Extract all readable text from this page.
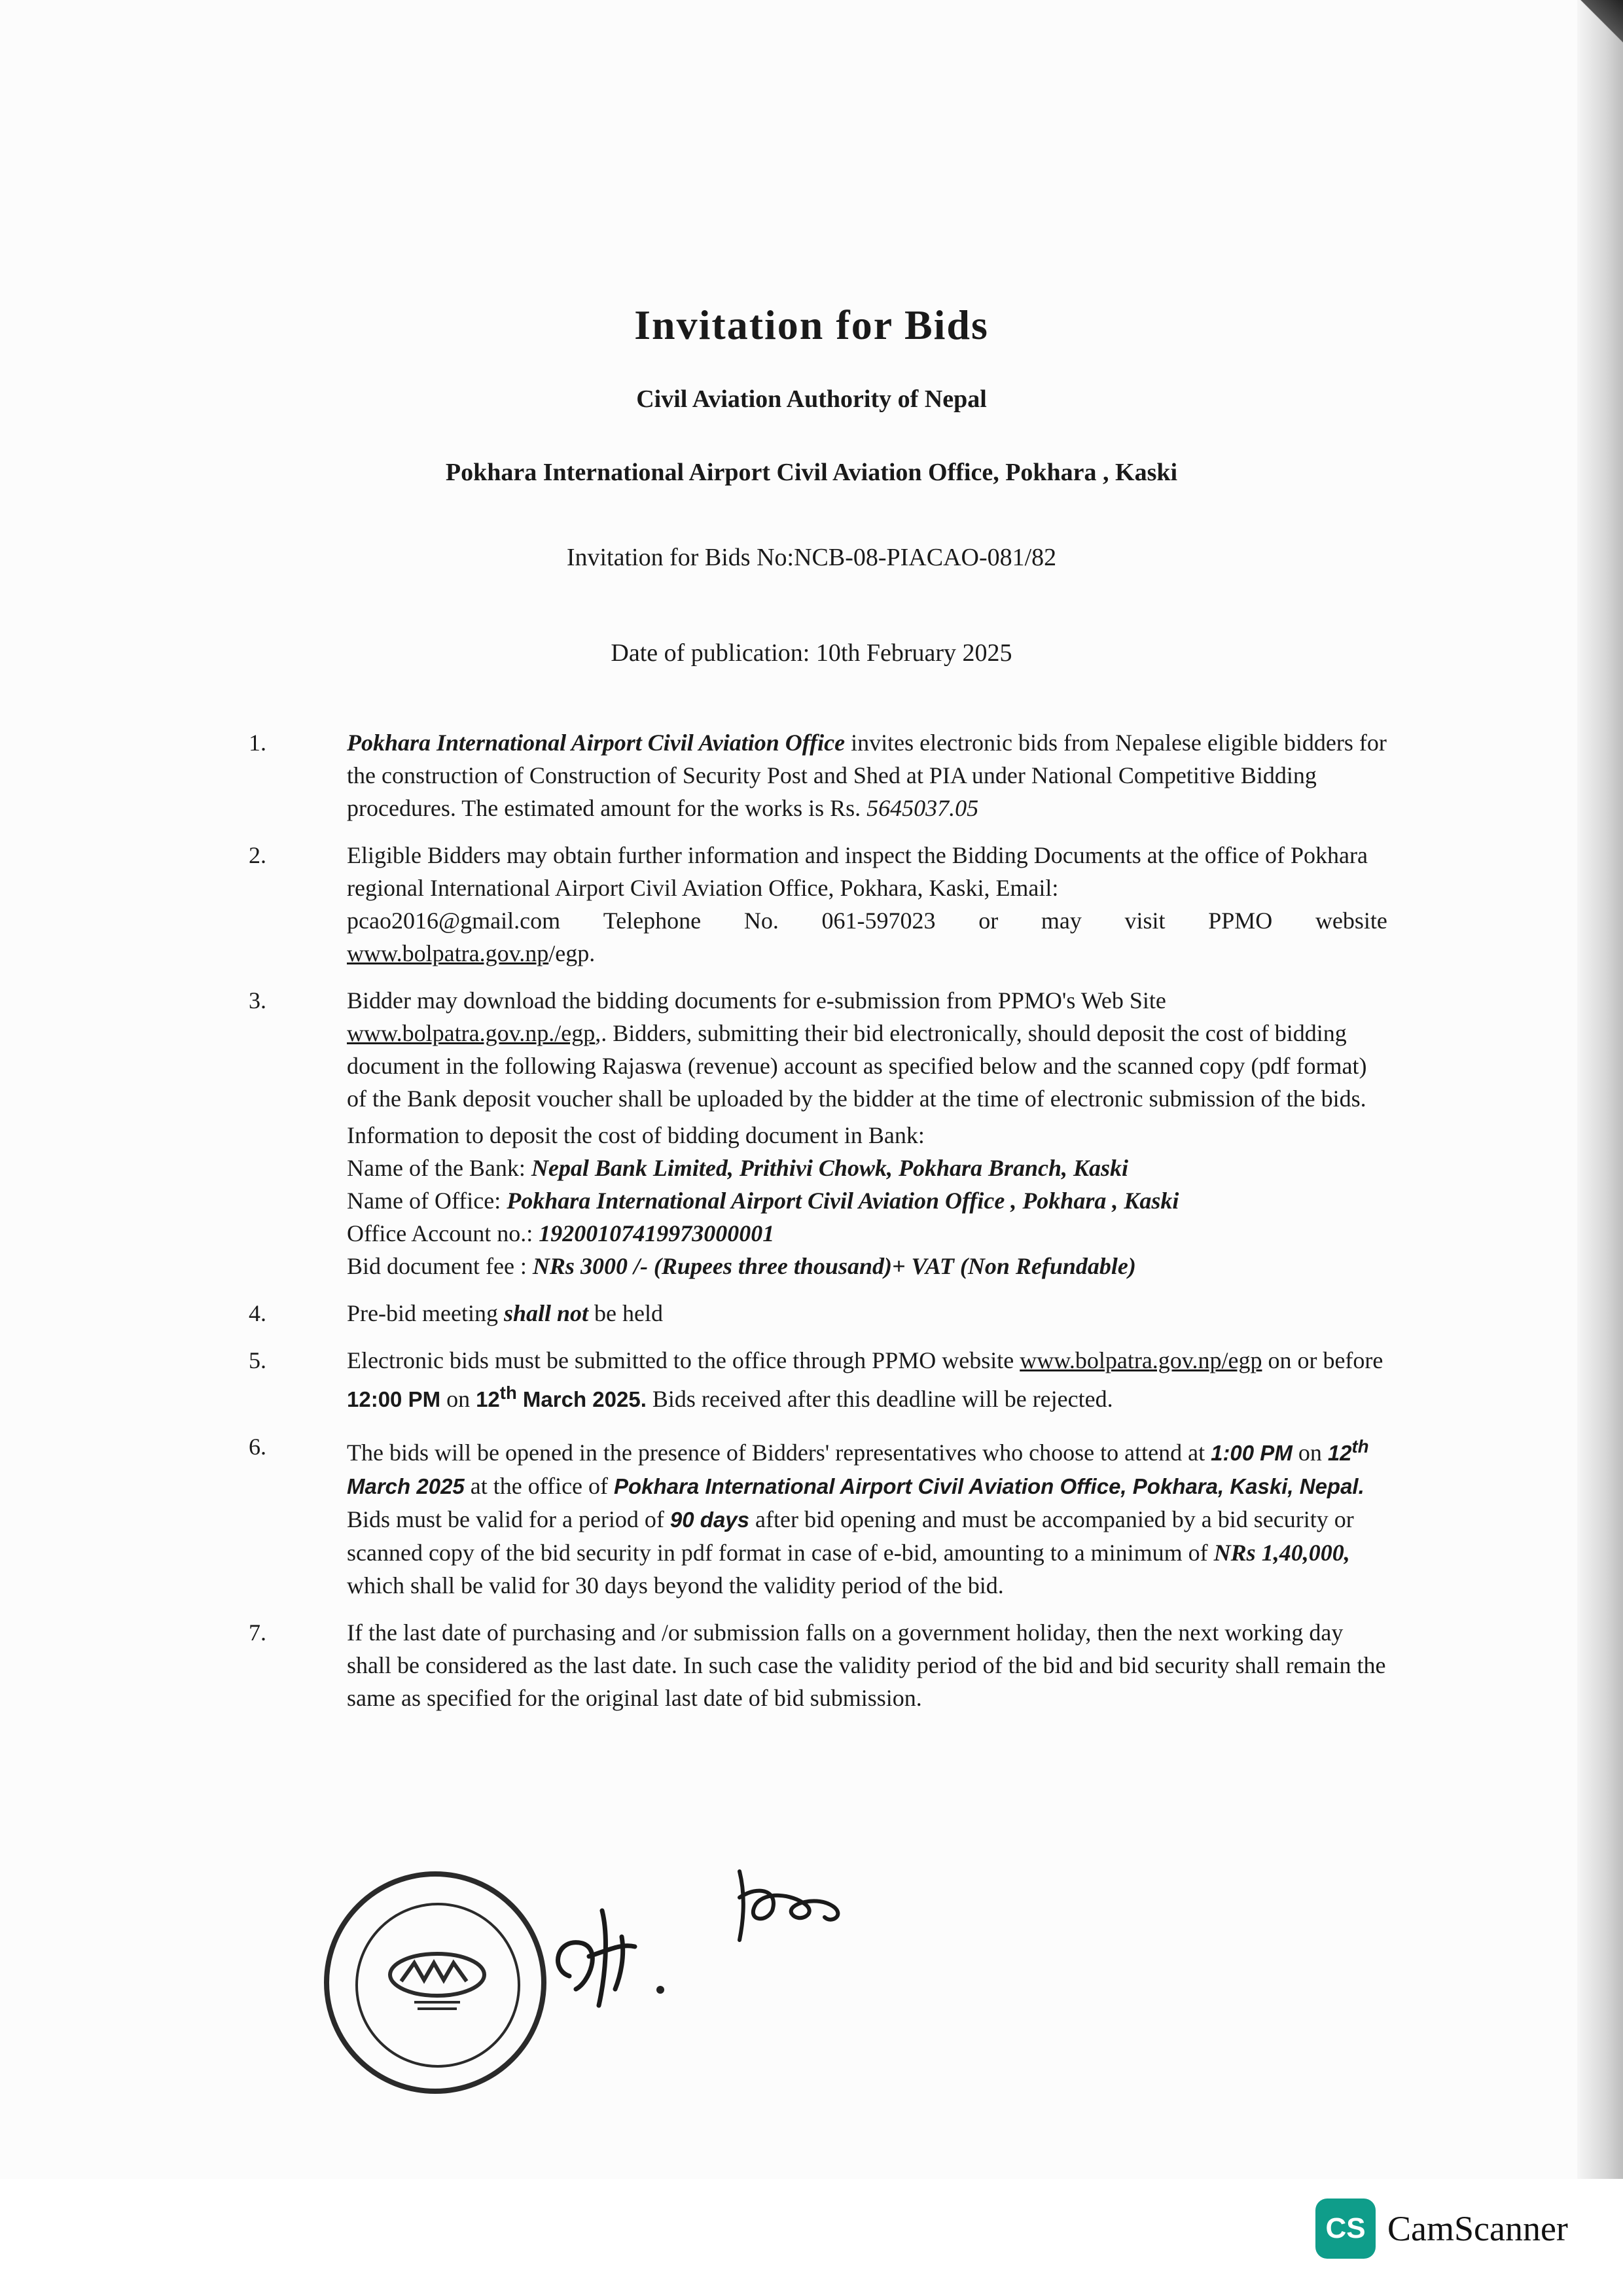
Invitation for Bids
Civil Aviation Authority of Nepal
Pokhara International Airport Civil Aviation Office, Pokhara , Kaski
Invitation for Bids No:NCB-08-PIACAO-081/82
Date of publication: 10th February 2025
1.	Pokhara International Airport Civil Aviation Office invites electronic bids from Nepalese eligible bidders for the construction of Construction of Security Post and Shed at PIA under National Competitive Bidding procedures. The estimated amount for the works is Rs. 5645037.05
2.	Eligible Bidders may obtain further information and inspect the Bidding Documents at the office of Pokhara regional International Airport Civil Aviation Office, Pokhara, Kaski, Email:
pcao2016@gmail.com Telephone No. 061-597023 or may visit PPMO website
www.bolpatra.gov.np/egp.
3.	Bidder may download the bidding documents for e-submission from PPMO's Web Site www.bolpatra.gov.np./egp,. Bidders, submitting their bid electronically, should deposit the cost of bidding document in the following Rajaswa (revenue) account as specified below and the scanned copy (pdf format) of the Bank deposit voucher shall be uploaded by the bidder at the time of electronic submission of the bids.
Information to deposit the cost of bidding document in Bank:
Name of the Bank: Nepal Bank Limited, Prithivi Chowk, Pokhara Branch, Kaski
Name of Office: Pokhara International Airport Civil Aviation Office , Pokhara , Kaski
Office Account no.: 19200107419973000001
Bid document fee : NRs 3000 /- (Rupees three thousand)+ VAT (Non Refundable)
4.	Pre-bid meeting shall not be held
5.	Electronic bids must be submitted to the office through PPMO website www.bolpatra.gov.np/egp on or before 12:00 PM on 12th March 2025. Bids received after this deadline will be rejected.
6.	The bids will be opened in the presence of Bidders' representatives who choose to attend at 1:00 PM on 12th March 2025 at the office of Pokhara International Airport Civil Aviation Office, Pokhara, Kaski, Nepal. Bids must be valid for a period of 90 days after bid opening and must be accompanied by a bid security or scanned copy of the bid security in pdf format in case of e-bid, amounting to a minimum of NRs 1,40,000, which shall be valid for 30 days beyond the validity period of the bid.
7.	If the last date of purchasing and /or submission falls on a government holiday, then the next working day shall be considered as the last date. In such case the validity period of the bid and bid security shall remain the same as specified for the original last date of bid submission.
CS CamScanner
